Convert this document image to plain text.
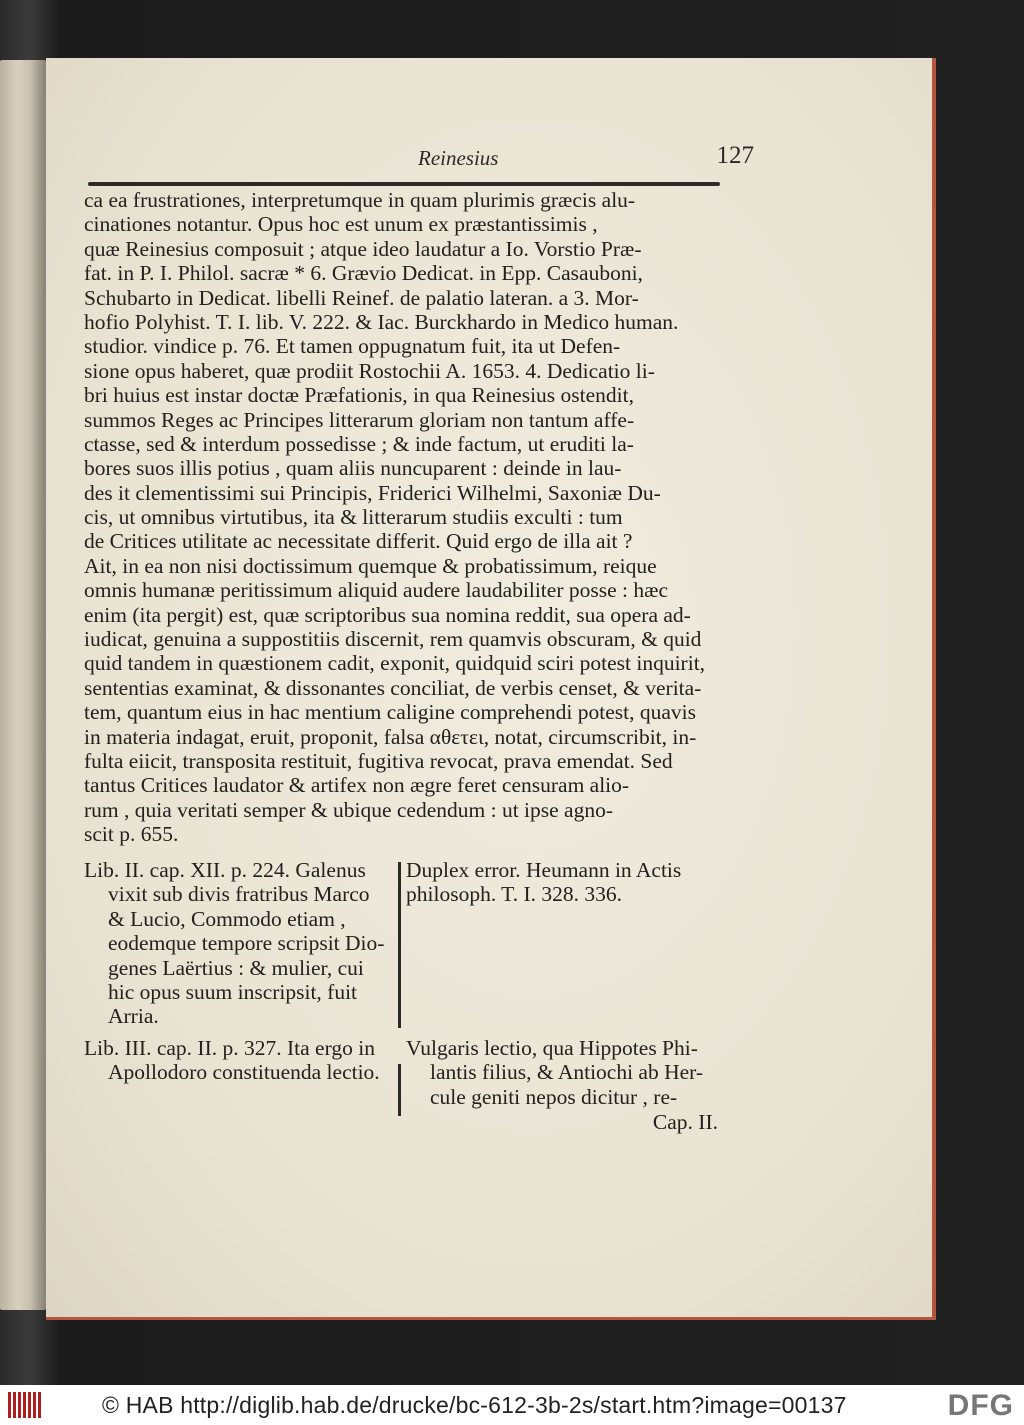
Reinesius	127
ca ea frustrationes, interpretumque in quam plurimis græcis alu-
cinationes notantur. Opus hoc est unum ex præstantissimis ,
quæ Reinesius composuit ; atque ideo laudatur a Io. Vorstio Præ-
fat. in P. I. Philol. sacræ * 6. Grævio Dedicat. in Epp. Casauboni,
Schubarto in Dedicat. libelli Reinef. de palatio lateran. a 3. Mor-
hofio Polyhist. T. I. lib. V. 222. & Iac. Burckhardo in Medico human.
studior. vindice p. 76. Et tamen oppugnatum fuit, ita ut Defen-
sione opus haberet, quæ prodiit Rostochii A. 1653. 4. Dedicatio li-
bri huius est instar doctæ Præfationis, in qua Reinesius ostendit,
summos Reges ac Principes litterarum gloriam non tantum affe-
ctasse, sed & interdum possedisse ; & inde factum, ut eruditi la-
bores suos illis potius , quam aliis nuncuparent : deinde in lau-
des it clementissimi sui Principis, Friderici Wilhelmi, Saxoniæ Du-
cis, ut omnibus virtutibus, ita & litterarum studiis exculti : tum
de Critices utilitate ac necessitate differit. Quid ergo de illa ait ?
Ait, in ea non nisi doctissimum quemque & probatissimum, reique
omnis humanæ peritissimum aliquid audere laudabiliter posse : hæc
enim (ita pergit) est, quæ scriptoribus sua nomina reddit, sua opera ad-
iudicat, genuina a suppostitiis discernit, rem quamvis obscuram, & quid
quid tandem in quæstionem cadit, exponit, quidquid sciri potest inquirit,
sententias examinat, & dissonantes conciliat, de verbis censet, & verita-
tem, quantum eius in hac mentium caligine comprehendi potest, quavis
in materia indagat, eruit, proponit, falsa αθετει, notat, circumscribit, in-
fulta eiicit, transposita restituit, fugitiva revocat, prava emendat. Sed
tantus Critices laudator & artifex non ægre feret censuram alio-
rum , quia veritati semper & ubique cedendum : ut ipse agno-
scit p. 655.
Lib. II. cap. XII. p. 224. Galenus
vixit sub divis fratribus Marco
& Lucio, Commodo etiam ,
eodemque tempore scripsit Dio-
genes Laërtius : & mulier, cui
hic opus suum inscripsit, fuit
Arria.
Duplex error. Heumann in Actis
philosoph. T. I. 328. 336.
Lib. III. cap. II. p. 327. Ita ergo in
Apollodoro constituenda lectio.
Vulgaris lectio, qua Hippotes Phi-
lantis filius, & Antiochi ab Her-
cule geniti nepos dicitur , re-
Cap. II.
© HAB http://diglib.hab.de/drucke/bc-612-3b-2s/start.htm?image=00137	DFG
